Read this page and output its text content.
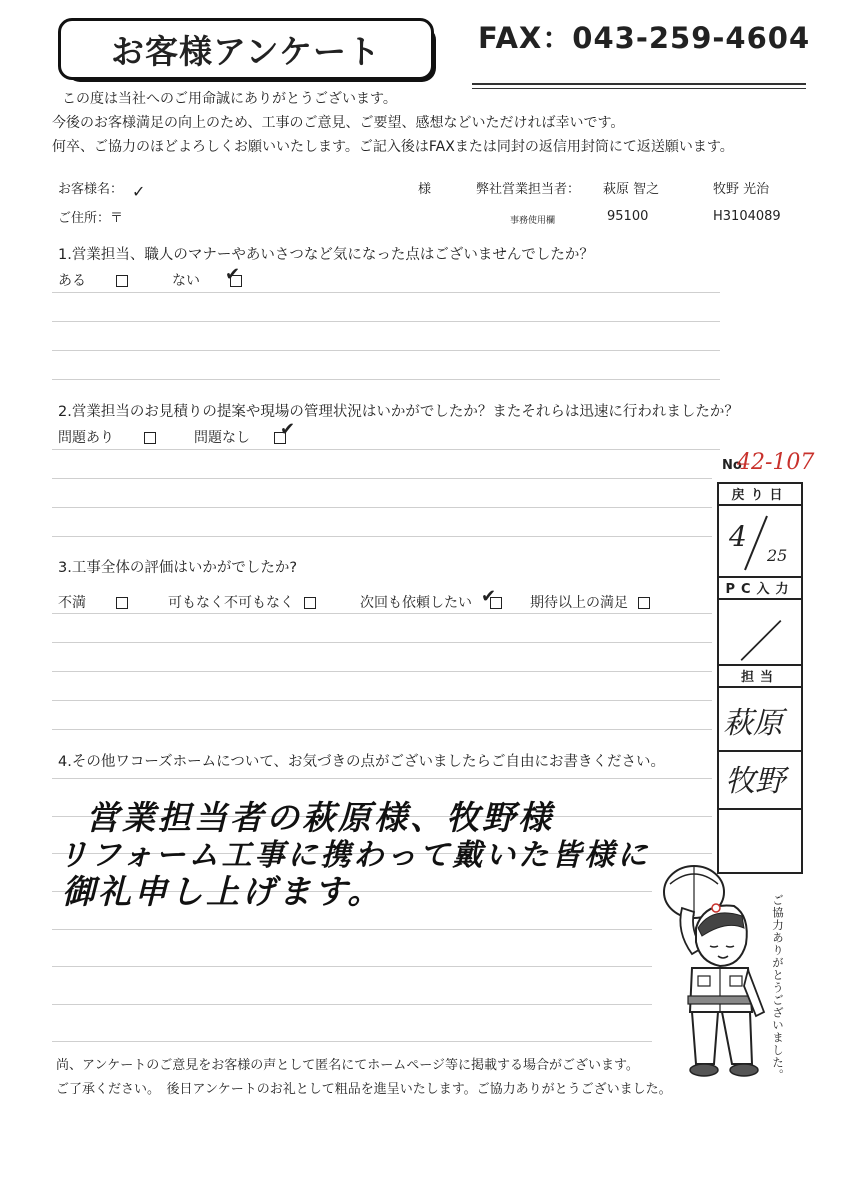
お客様アンケート	FAX：043-259-4604
この度は当社へのご用命誠にありがとうございます。
今後のお客様満足の向上のため、工事のご意見、ご要望、感想などいただければ幸いです。
何卒、ご協力のほどよろしくお願いいたします。ご記入後はFAXまたは同封の返信用封筒にて返送願います。
お客様名： ✓	様	弊社営業担当者： 萩原 智之	牧野 光治
ご住所：〒	事務使用欄	95100	H3104089
1.営業担当、職人のマナーやあいさつなど気になった点はございませんでしたか？
ある	ない	✔
2.営業担当のお見積りの提案や現場の管理状況はいかがでしたか？またそれらは迅速に行われましたか？
問題あり	問題なし	✔
3.工事全体の評価はいかがでしたか?
不満	可もなく不可もなく	次回も依頼したい ✔ 期待以上の満足
4.その他ワコーズホームについて、お気づきの点がございましたらご自由にお書きください。
営業担当者の萩原様、牧野様
リフォーム工事に携わって戴いた皆様に
御礼申し上げます。
No
42-107
戻り日
4
25
PC入力
／
担当
萩原
牧野
ご協力ありがとうございました。
尚、アンケートのご意見をお客様の声として匿名にてホームページ等に掲載する場合がございます。
ご了承ください。　後日アンケートのお礼として粗品を進呈いたします。ご協力ありがとうございました。
